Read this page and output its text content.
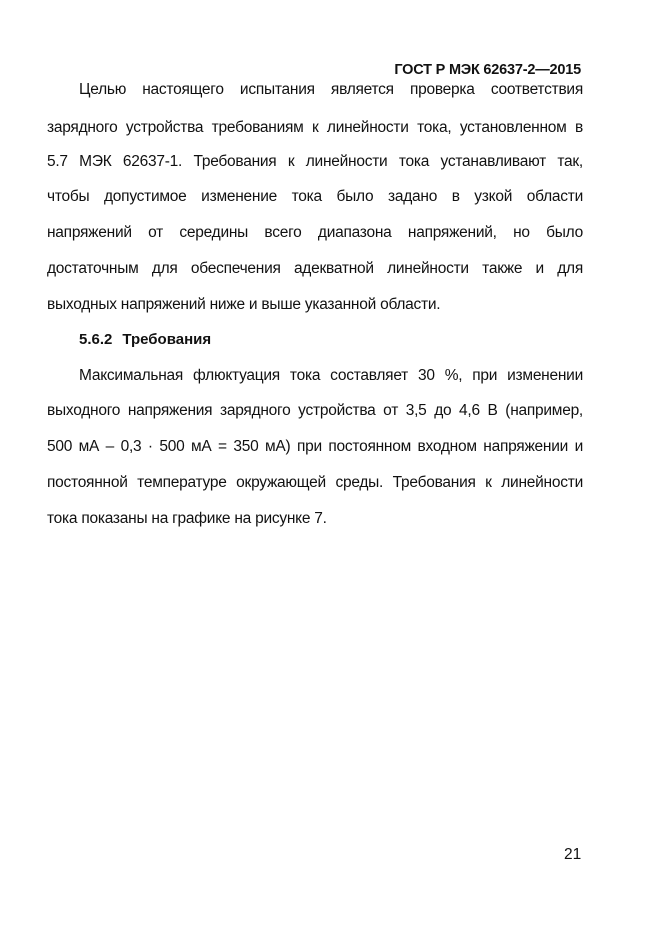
ГОСТ Р МЭК 62637-2—2015
Целью настоящего испытания является проверка соответствия
зарядного устройства требованиям к линейности тока, установленном в
5.7 МЭК 62637-1. Требования к линейности тока устанавливают так,
чтобы допустимое изменение тока было задано в узкой области
напряжений от середины всего диапазона напряжений, но было
достаточным для обеспечения адекватной линейности также и для
выходных напряжений ниже и выше указанной области.
5.6.2 Требования
Максимальная флюктуация тока составляет 30 %, при изменении
выходного напряжения зарядного устройства от 3,5 до 4,6 В (например,
500 мА – 0,3 · 500 мА = 350 мА) при постоянном входном напряжении и
постоянной температуре окружающей среды. Требования к линейности
тока показаны на графике на рисунке 7.
21
